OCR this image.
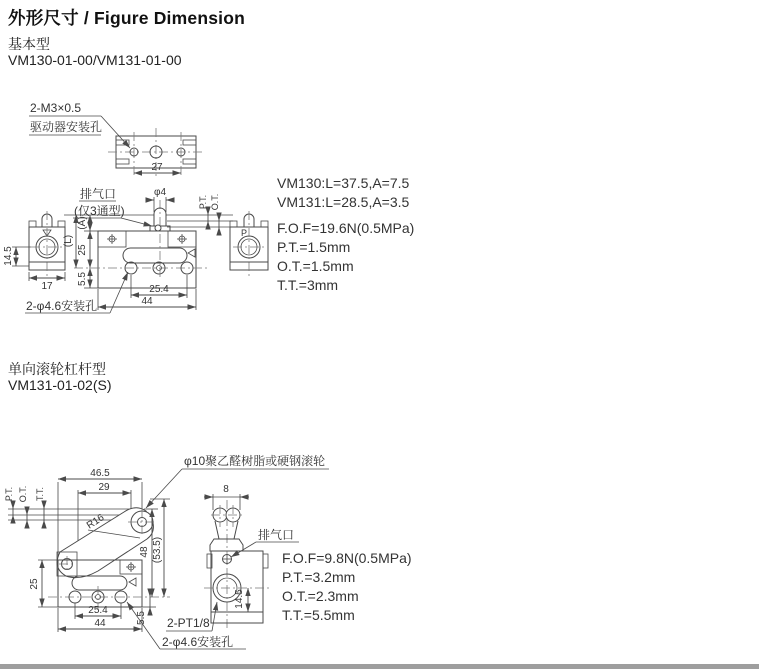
27
2-M3×0.5
驱动器安装孔
14.5
17
φ4
P.T. O.T.
(L)
(A)
25
5.5
25.4
44
排气口
(仅3通型)
2-φ4.6安装孔
P
P.T. O.T. T.T.
46.5
29
φ10聚乙醛树脂或硬钢滚轮
R16
25
48 (53.5)
5.5
25.4
44
2-φ4.6安装孔
8
14.5
排气口
2-PT1/8
外形尺寸 / Figure Dimension
基本型
VM130-01-00/VM131-01-00
VM130:L=37.5,A=7.5
VM131:L=28.5,A=3.5
F.O.F=19.6N(0.5MPa)
P.T.=1.5mm
O.T.=1.5mm
T.T.=3mm
单向滚轮杠杆型
VM131-01-02(S)
F.O.F=9.8N(0.5MPa)
P.T.=3.2mm
O.T.=2.3mm
T.T.=5.5mm
